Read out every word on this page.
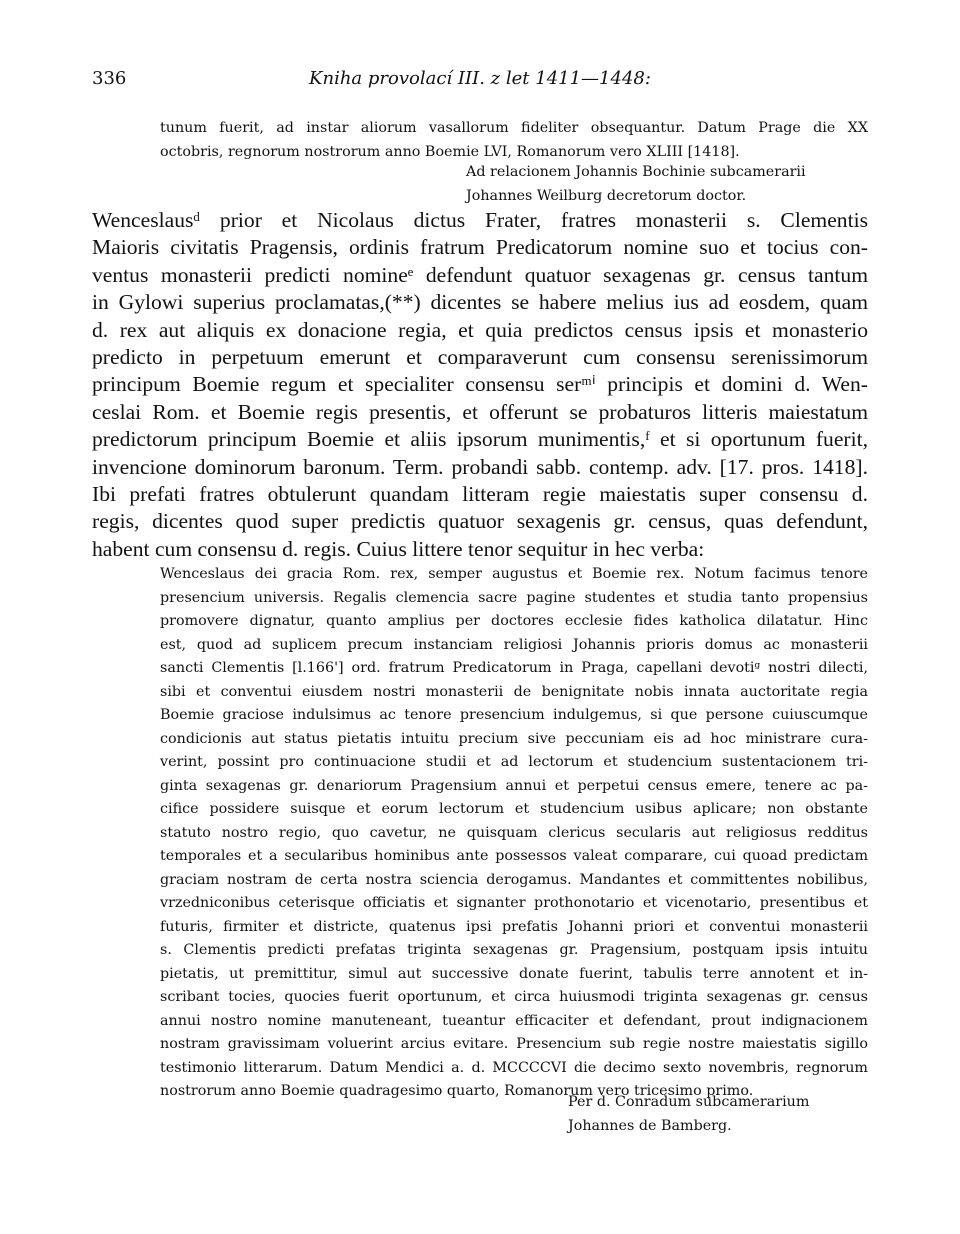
336	Kniha provolací III. z let 1411—1448:
tunum fuerit, ad instar aliorum vasallorum fideliter obsequantur. Datum Prage die XX
octobris, regnorum nostrorum anno Boemie LVI, Romanorum vero XLIII [1418].
Ad relacionem Johannis Bochinie subcamerarii
Johannes Weilburg decretorum doctor.
Wenceslausᵈ prior et Nicolaus dictus Frater, fratres monasterii s. Clementis
Maioris civitatis Pragensis, ordinis fratrum Predicatorum nomine suo et tocius con-
ventus monasterii predicti nomineᵉ defendunt quatuor sexagenas gr. census tantum
in Gylowi superius proclamatas,(**) dicentes se habere melius ius ad eosdem, quam
d. rex aut aliquis ex donacione regia, et quia predictos census ipsis et monasterio
predicto in perpetuum emerunt et comparaverunt cum consensu serenissimorum
principum Boemie regum et specialiter consensu serᵐⁱ principis et domini d. Wen-
ceslai Rom. et Boemie regis presentis, et offerunt se probaturos litteris maiestatum
predictorum principum Boemie et aliis ipsorum munimentis,ᶠ et si oportunum fuerit,
invencione dominorum baronum. Term. probandi sabb. contemp. adv. [17. pros. 1418].
Ibi prefati fratres obtulerunt quandam litteram regie maiestatis super consensu d.
regis, dicentes quod super predictis quatuor sexagenis gr. census, quas defendunt,
habent cum consensu d. regis. Cuius littere tenor sequitur in hec verba:
Wenceslaus dei gracia Rom. rex, semper augustus et Boemie rex. Notum facimus tenore
presencium universis. Regalis clemencia sacre pagine studentes et studia tanto propensius
promovere dignatur, quanto amplius per doctores ecclesie fides katholica dilatatur. Hinc
est, quod ad suplicem precum instanciam religiosi Johannis prioris domus ac monasterii
sancti Clementis [l.166'] ord. fratrum Predicatorum in Praga, capellani devotiᵍ nostri dilecti,
sibi et conventui eiusdem nostri monasterii de benignitate nobis innata auctoritate regia
Boemie graciose indulsimus ac tenore presencium indulgemus, si que persone cuiuscumque
condicionis aut status pietatis intuitu precium sive peccuniam eis ad hoc ministrare cura-
verint, possint pro continuacione studii et ad lectorum et studencium sustentacionem tri-
ginta sexagenas gr. denariorum Pragensium annui et perpetui census emere, tenere ac pa-
cifice possidere suisque et eorum lectorum et studencium usibus aplicare; non obstante
statuto nostro regio, quo cavetur, ne quisquam clericus secularis aut religiosus redditus
temporales et a secularibus hominibus ante possessos valeat comparare, cui quoad predictam
graciam nostram de certa nostra sciencia derogamus. Mandantes et committentes nobilibus,
vrzedniconibus ceterisque officiatis et signanter prothonotario et vicenotario, presentibus et
futuris, firmiter et districte, quatenus ipsi prefatis Johanni priori et conventui monasterii
s. Clementis predicti prefatas triginta sexagenas gr. Pragensium, postquam ipsis intuitu
pietatis, ut premittitur, simul aut successive donate fuerint, tabulis terre annotent et in-
scribant tocies, quocies fuerit oportunum, et circa huiusmodi triginta sexagenas gr. census
annui nostro nomine manuteneant, tueantur efficaciter et defendant, prout indignacionem
nostram gravissimam voluerint arcius evitare. Presencium sub regie nostre maiestatis sigillo
testimonio litterarum. Datum Mendici a. d. MCCCCVI die decimo sexto novembris, regnorum
nostrorum anno Boemie quadragesimo quarto, Romanorum vero tricesimo primo.
Per d. Conradum subcamerarium
Johannes de Bamberg.
